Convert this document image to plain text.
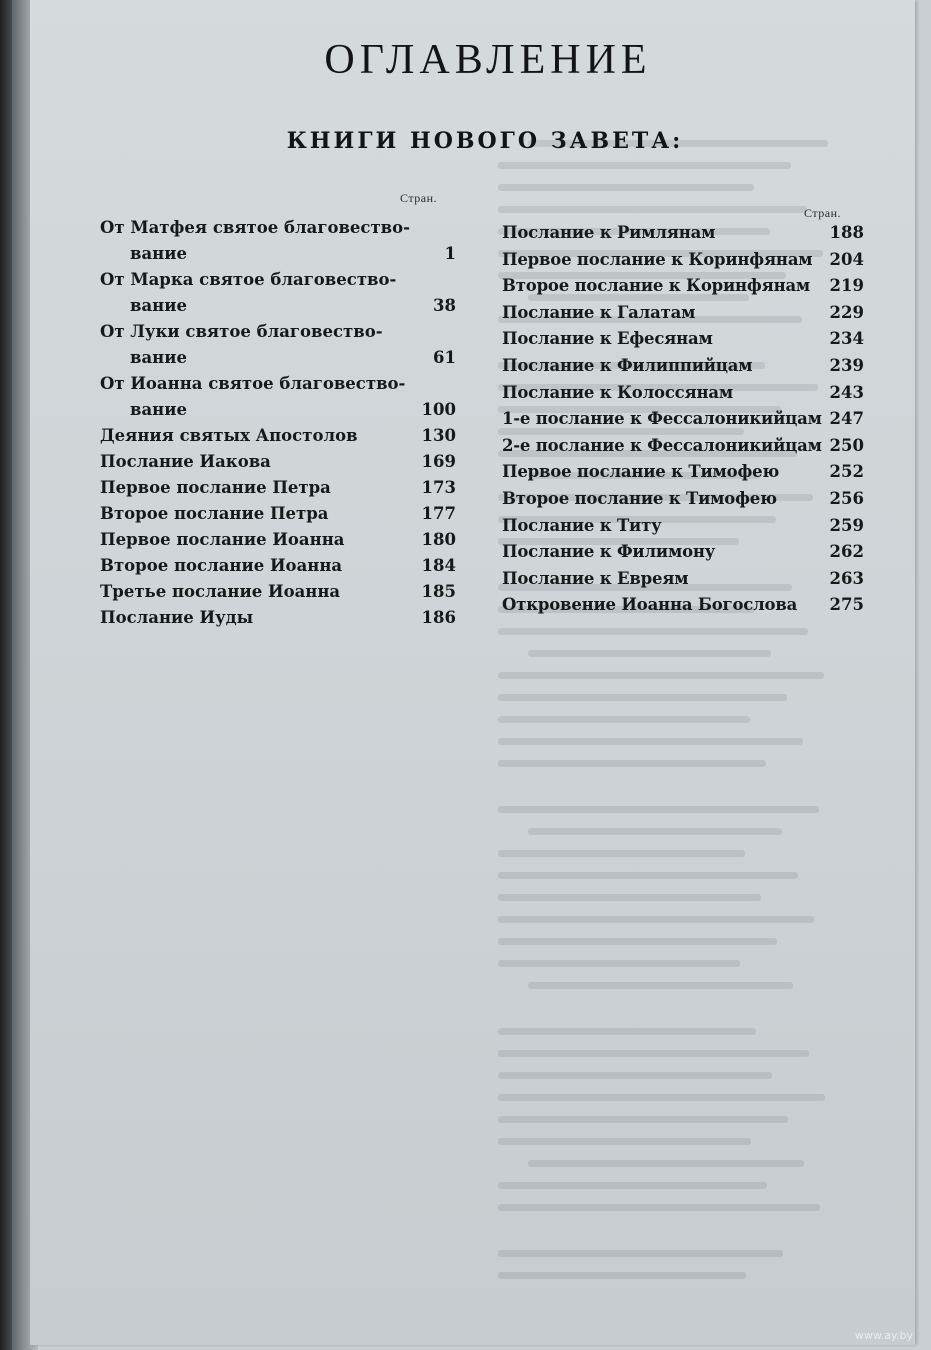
ОГЛАВЛЕНИЕ
КНИГИ НОВОГО ЗАВЕТА:
Стран.
Стран.
От Матфея святое благовество-
вание	1
От Марка святое благовество-
вание	38
От Луки святое благовество-
вание	61
От Иоанна святое благовество-
вание	100
Деяния святых Апостолов	130
Послание Иакова	169
Первое послание Петра	173
Второе послание Петра	177
Первое послание Иоанна	180
Второе послание Иоанна	184
Третье послание Иоанна	185
Послание Иуды	186
Послание к Римлянам	188
Первое послание к Коринфянам 204
Второе послание к Коринфянам 219
Послание к Галатам	229
Послание к Ефесянам	234
Послание к Филиппийцам	239
Послание к Колоссянам	243
1-е послание к Фессалоникийцам 247
2-е послание к Фессалоникийцам 250
Первое послание к Тимофею	252
Второе послание к Тимофею	256
Послание к Титу	259
Послание к Филимону	262
Послание к Евреям	263
Откровение Иоанна Богослова 275
www.ay.by
